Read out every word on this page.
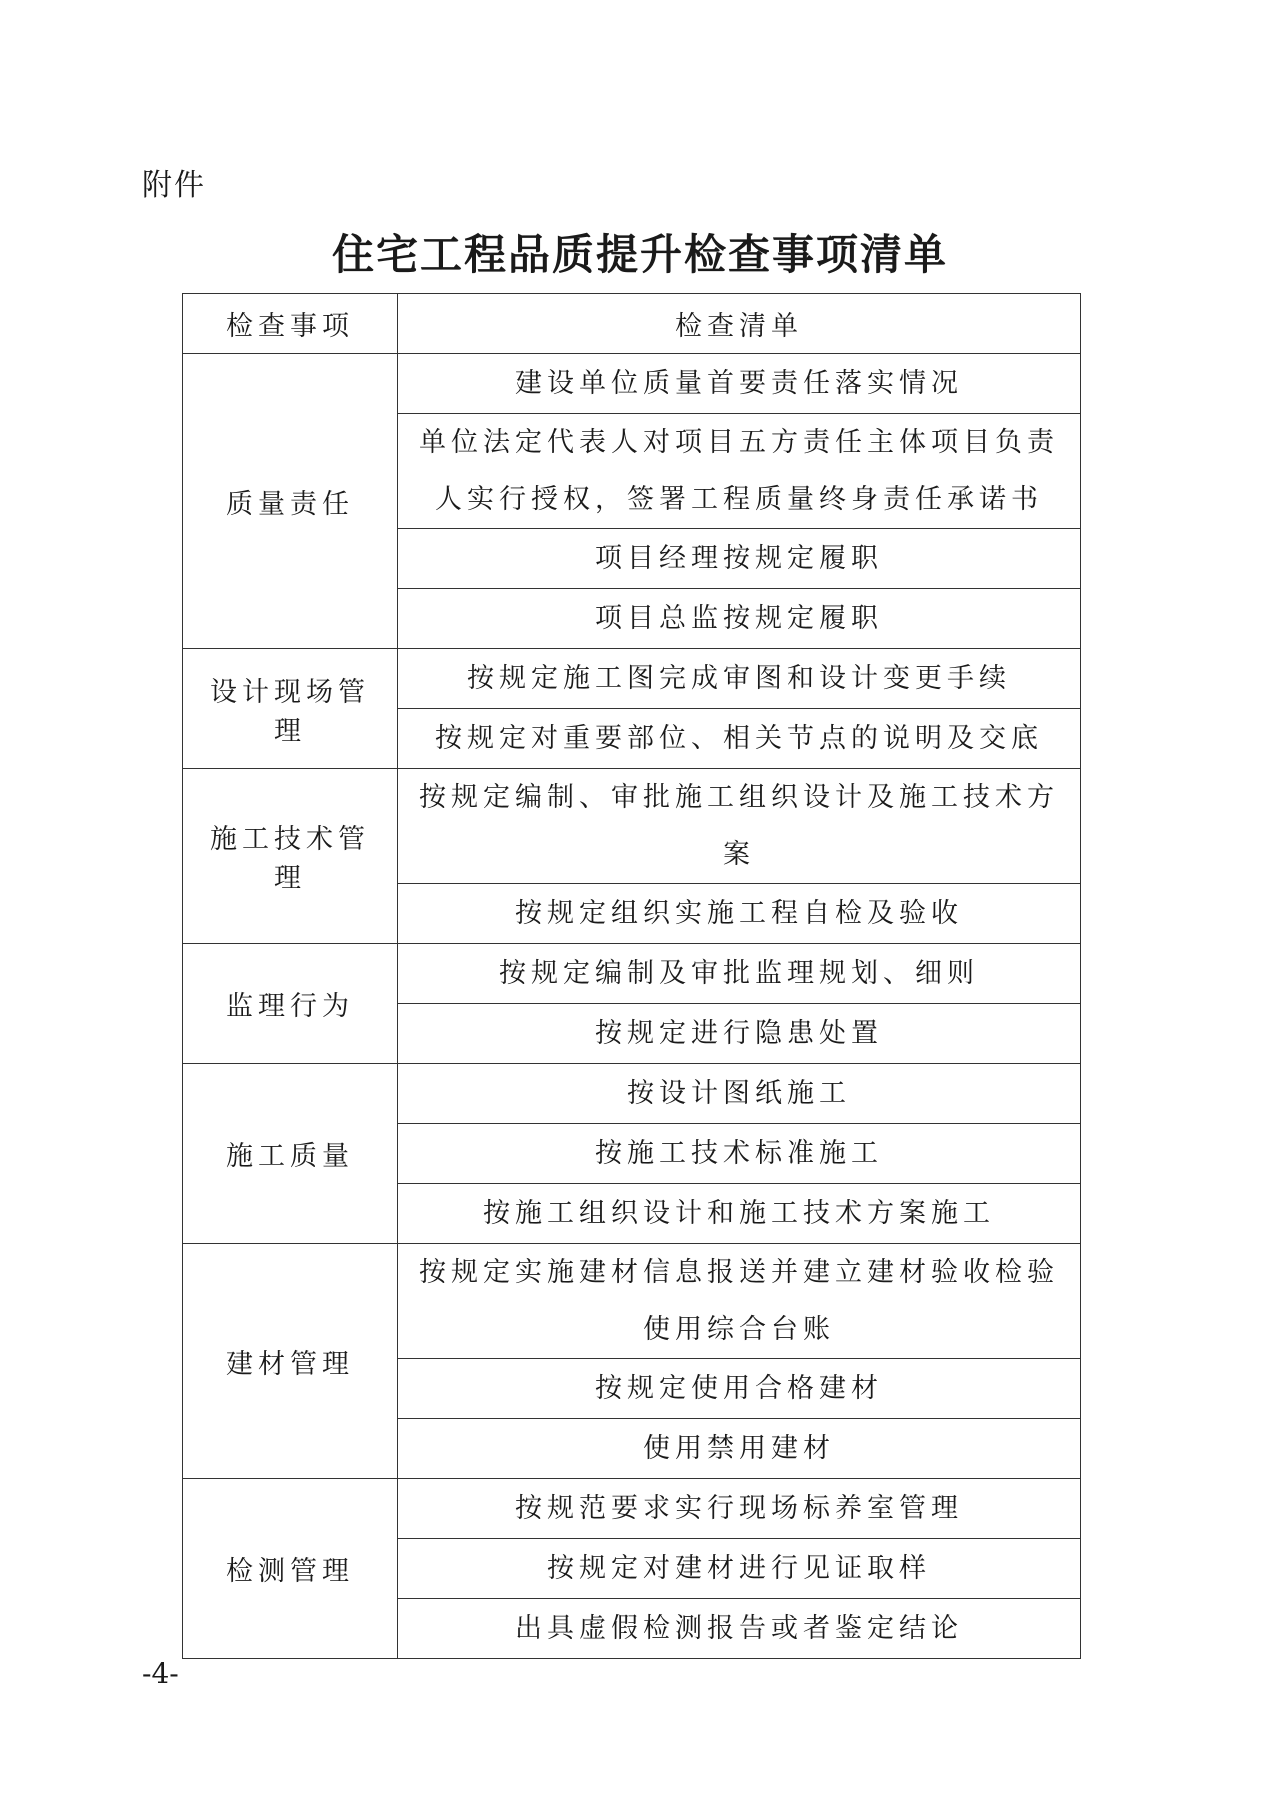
附件
住宅工程品质提升检查事项清单
检查事项	检查清单
质量责任	建设单位质量首要责任落实情况
	单位法定代表人对项目五方责任主体项目负责人实行授权，签署工程质量终身责任承诺书
	项目经理按规定履职
	项目总监按规定履职
设计现场管理	按规定施工图完成审图和设计变更手续
	按规定对重要部位、相关节点的说明及交底
施工技术管理	按规定编制、审批施工组织设计及施工技术方案
	按规定组织实施工程自检及验收
监理行为	按规定编制及审批监理规划、细则
	按规定进行隐患处置
施工质量	按设计图纸施工
	按施工技术标准施工
	按施工组织设计和施工技术方案施工
建材管理	按规定实施建材信息报送并建立建材验收检验使用综合台账
	按规定使用合格建材
	使用禁用建材
检测管理	按规范要求实行现场标养室管理
	按规定对建材进行见证取样
	出具虚假检测报告或者鉴定结论
-4-
